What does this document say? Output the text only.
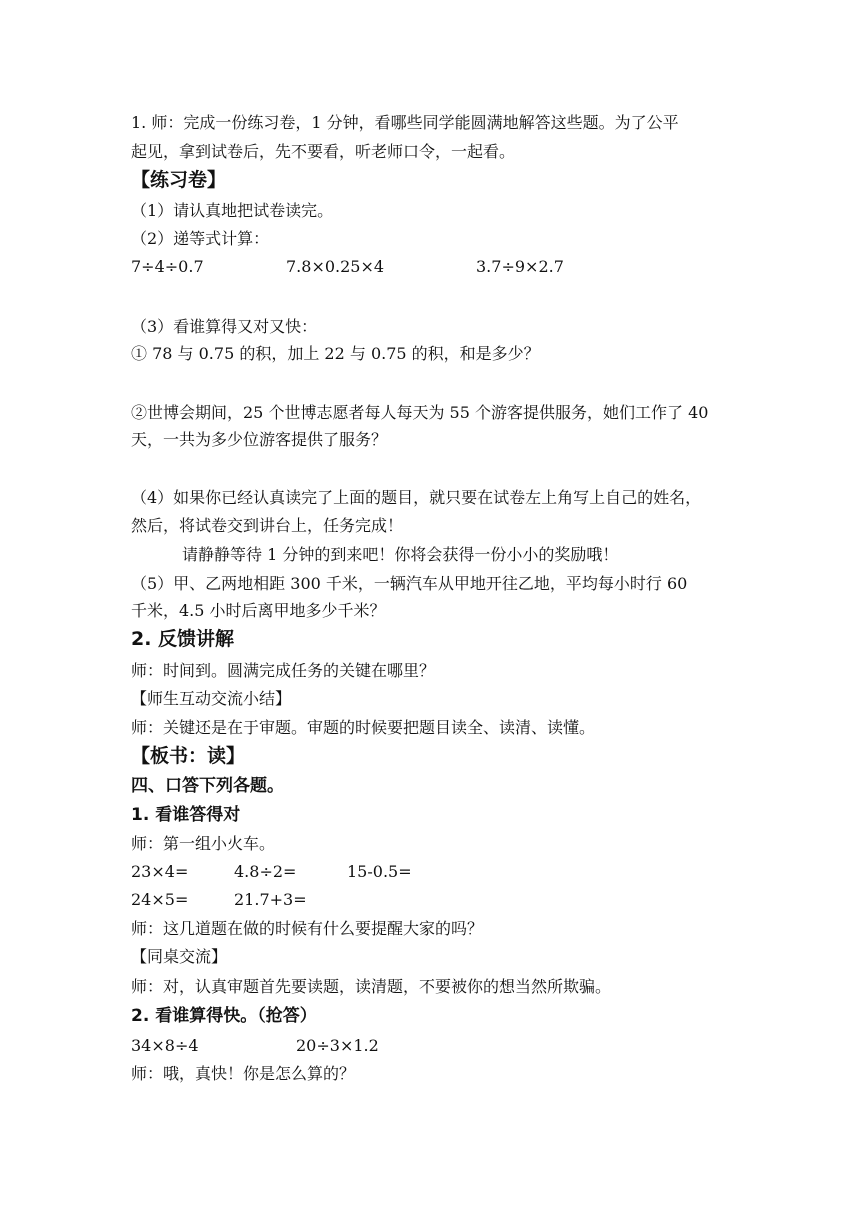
1. 师：完成一份练习卷，1 分钟，看哪些同学能圆满地解答这些题。为了公平
起见，拿到试卷后，先不要看，听老师口令，一起看。
【练习卷】
（1）请认真地把试卷读完。
（2）递等式计算：
7÷4÷0.7	7.8×0.25×4	3.7÷9×2.7
（3）看谁算得又对又快：
① 78 与 0.75 的积，加上 22 与 0.75 的积，和是多少？
②世博会期间，25 个世博志愿者每人每天为 55 个游客提供服务，她们工作了 40
天，一共为多少位游客提供了服务？
（4）如果你已经认真读完了上面的题目，就只要在试卷左上角写上自己的姓名，
然后，将试卷交到讲台上，任务完成！
请静静等待 1 分钟的到来吧！你将会获得一份小小的奖励哦！
（5）甲、乙两地相距 300 千米，一辆汽车从甲地开往乙地，平均每小时行 60
千米，4.5 小时后离甲地多少千米？
2. 反馈讲解
师：时间到。圆满完成任务的关键在哪里？
【师生互动交流小结】
师：关键还是在于审题。审题的时候要把题目读全、读清、读懂。
【板书：读】
四、口答下列各题。
1. 看谁答得对
师：第一组小火车。
23×4=	4.8÷2=	15-0.5=
24×5=	21.7+3=
师：这几道题在做的时候有什么要提醒大家的吗？
【同桌交流】
师：对，认真审题首先要读题，读清题，不要被你的想当然所欺骗。
2. 看谁算得快。（抢答）
34×8÷4	20÷3×1.2
师：哦，真快！你是怎么算的？
